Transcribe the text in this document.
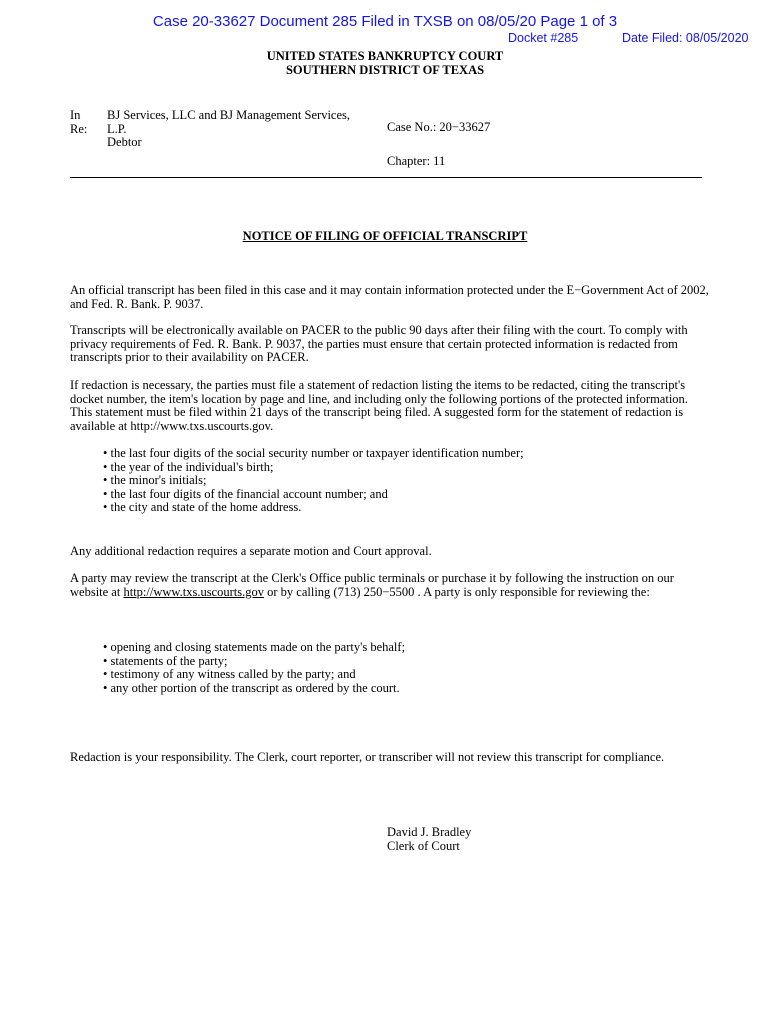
Case 20-33627 Document 285 Filed in TXSB on 08/05/20 Page 1 of 3
Docket #285	Date Filed: 08/05/2020
UNITED STATES BANKRUPTCY COURT
SOUTHERN DISTRICT OF TEXAS
In
Re:
BJ Services, LLC and BJ Management Services,
L.P.
Debtor
Case No.: 20−33627
Chapter: 11
NOTICE OF FILING OF OFFICIAL TRANSCRIPT

An official transcript has been filed in this case and it may contain information protected under the E−Government Act of 2002, and Fed. R. Bank. P. 9037.

Transcripts will be electronically available on PACER to the public 90 days after their filing with the court. To comply with privacy requirements of Fed. R. Bank. P. 9037, the parties must ensure that certain protected information is redacted from transcripts prior to their availability on PACER.

If redaction is necessary, the parties must file a statement of redaction listing the items to be redacted, citing the transcript's docket number, the item's location by page and line, and including only the following portions of the protected information. This statement must be filed within 21 days of the transcript being filed. A suggested form for the statement of redaction is available at http://www.txs.uscourts.gov.

• the last four digits of the social security number or taxpayer identification number;
• the year of the individual's birth;
• the minor's initials;
• the last four digits of the financial account number; and
• the city and state of the home address.

Any additional redaction requires a separate motion and Court approval.

A party may review the transcript at the Clerk's Office public terminals or purchase it by following the instruction on our website at http://www.txs.uscourts.gov or by calling (713) 250−5500 . A party is only responsible for reviewing the:

• opening and closing statements made on the party's behalf;
• statements of the party;
• testimony of any witness called by the party; and
• any other portion of the transcript as ordered by the court.

Redaction is your responsibility. The Clerk, court reporter, or transcriber will not review this transcript for compliance.

David J. Bradley
Clerk of Court
